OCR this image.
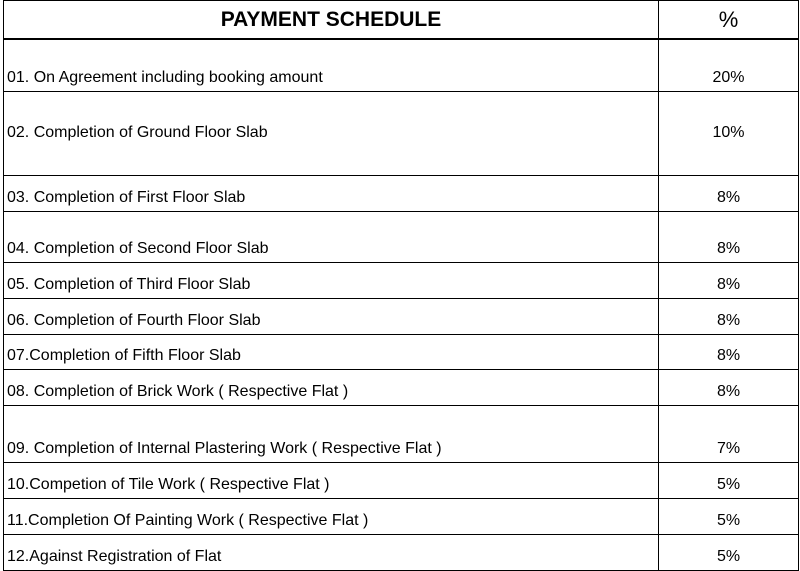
PAYMENT SCHEDULE	%
01. On Agreement including booking amount	20%
02. Completion of Ground Floor Slab	10%
03. Completion of First Floor Slab	8%
04. Completion of Second Floor Slab	8%
05. Completion of Third Floor Slab	8%
06. Completion of Fourth Floor Slab	8%
07.Completion of Fifth Floor Slab	8%
08. Completion of Brick Work ( Respective Flat )	8%
09. Completion of Internal Plastering Work ( Respective Flat )	7%
10.Competion of Tile Work ( Respective Flat )	5%
11.Completion Of Painting Work ( Respective Flat )	5%
12.Against Registration of Flat	5%
